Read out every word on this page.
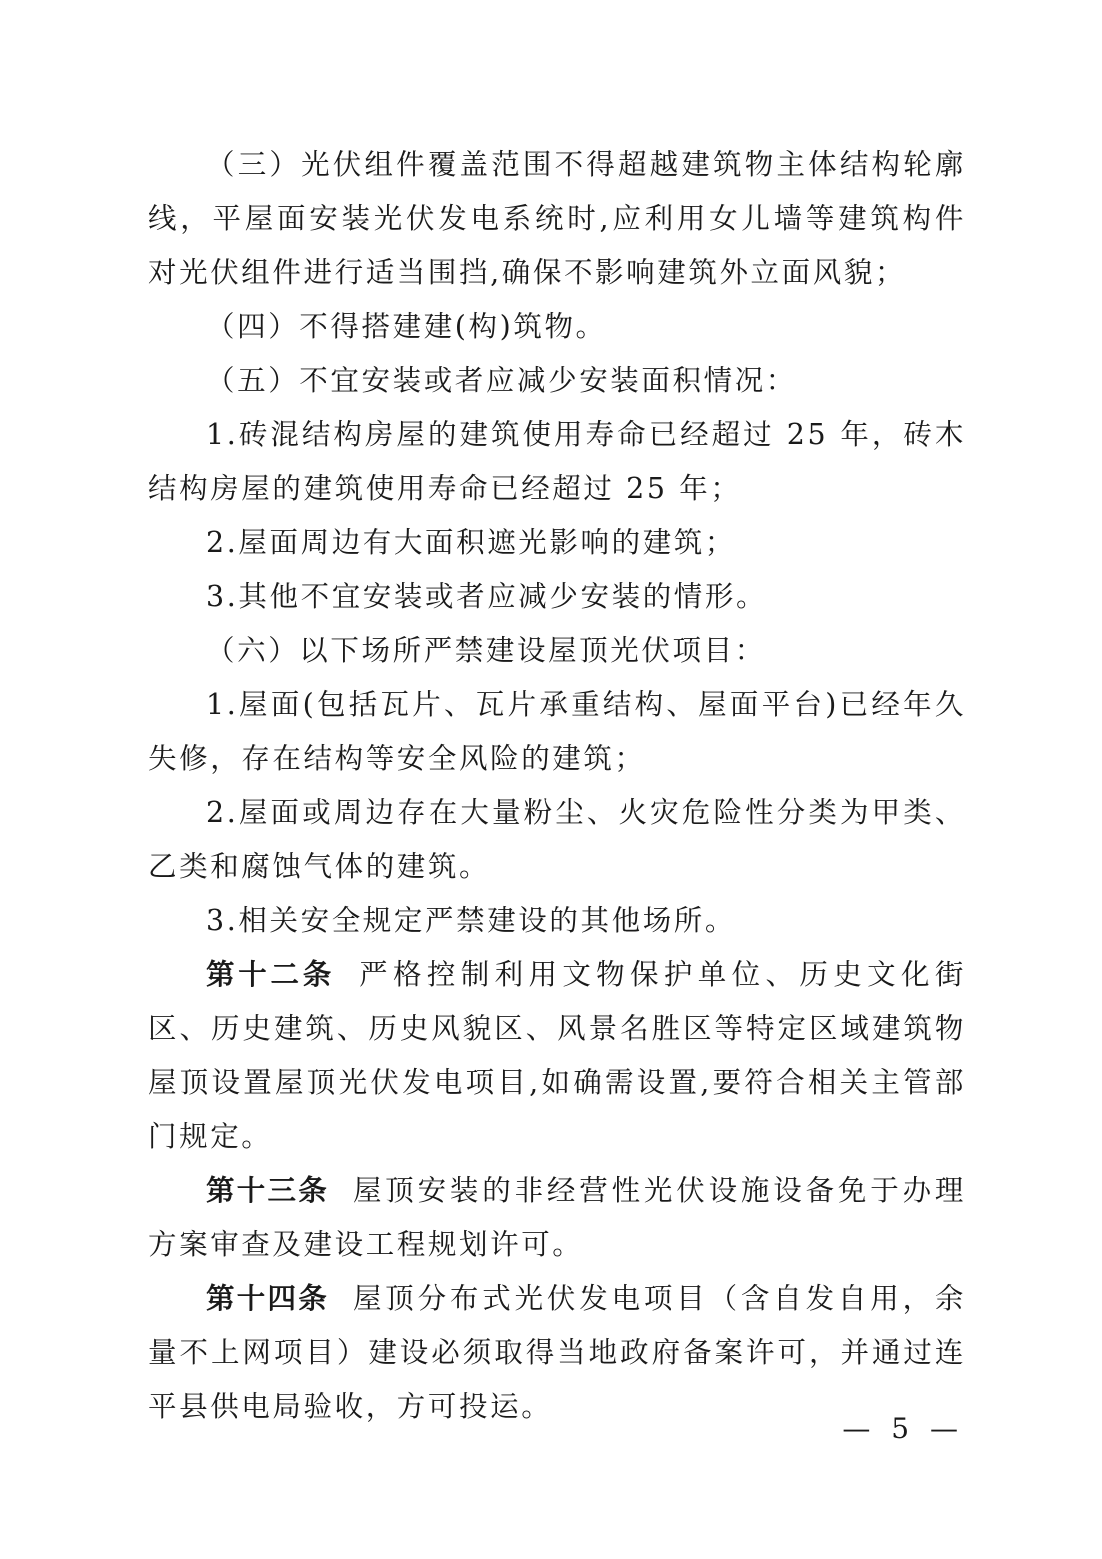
（三）光伏组件覆盖范围不得超越建筑物主体结构轮廓线，平屋面安装光伏发电系统时,应利用女儿墙等建筑构件对光伏组件进行适当围挡,确保不影响建筑外立面风貌；

（四）不得搭建建(构)筑物。

（五）不宜安装或者应减少安装面积情况：

1.砖混结构房屋的建筑使用寿命已经超过 25 年，砖木结构房屋的建筑使用寿命已经超过 25 年；

2.屋面周边有大面积遮光影响的建筑；

3.其他不宜安装或者应减少安装的情形。

（六）以下场所严禁建设屋顶光伏项目：

1.屋面(包括瓦片、瓦片承重结构、屋面平台)已经年久失修，存在结构等安全风险的建筑；

2.屋面或周边存在大量粉尘、火灾危险性分类为甲类、乙类和腐蚀气体的建筑。

3.相关安全规定严禁建设的其他场所。

第十二条 严格控制利用文物保护单位、历史文化街区、历史建筑、历史风貌区、风景名胜区等特定区域建筑物屋顶设置屋顶光伏发电项目,如确需设置,要符合相关主管部门规定。

第十三条 屋顶安装的非经营性光伏设施设备免于办理方案审查及建设工程规划许可。

第十四条 屋顶分布式光伏发电项目（含自发自用，余量不上网项目）建设必须取得当地政府备案许可，并通过连平县供电局验收，方可投运。

— 5 —
